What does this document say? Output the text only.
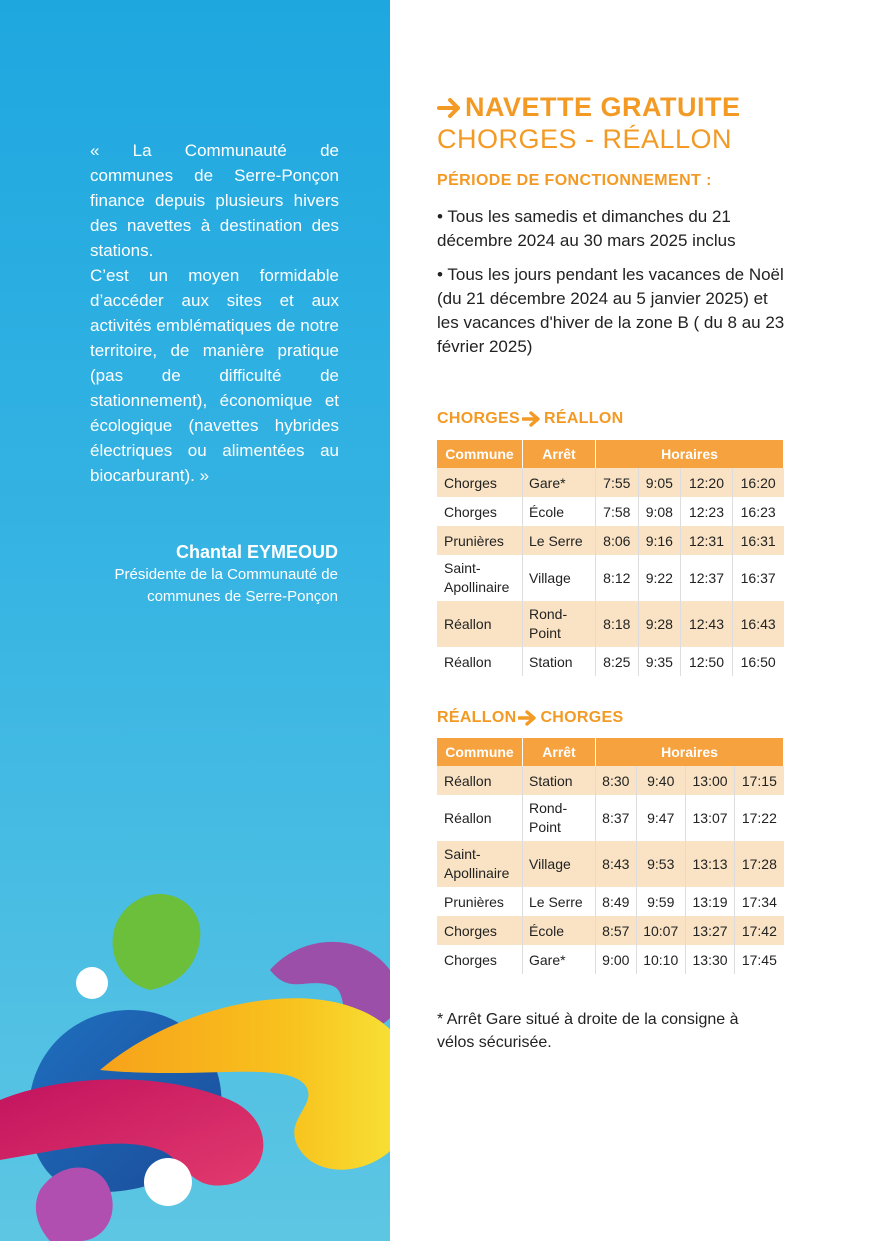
« La Communauté de communes de Serre-Ponçon finance depuis plusieurs hivers des navettes à destination des stations.

C’est un moyen formidable d’accéder aux sites et aux activités emblématiques de notre territoire, de manière pratique (pas de difficulté de stationnement), économique et écologique (navettes hybrides électriques ou alimentées au biocarburant). »

Chantal EYMEOUD
Présidente de la Communauté de communes de Serre-Ponçon
NAVETTE GRATUITE
CHORGES - RÉALLON
PÉRIODE DE FONCTIONNEMENT :

• Tous les samedis et dimanches du 21 décembre 2024 au 30 mars 2025 inclus

• Tous les jours pendant les vacances de Noël (du 21 décembre 2024 au 5 janvier 2025) et les vacances d'hiver de la zone B ( du 8 au 23 février 2025)

CHORGES RÉALLON
Commune	Arrêt	Horaires			
Chorges	Gare*	7:55	9:05	12:20	16:20
Chorges	École	7:58	9:08	12:23	16:23
Prunières	Le Serre	8:06	9:16	12:31	16:31
Saint-Apollinaire	Village	8:12	9:22	12:37	16:37
Réallon	Rond-Point	8:18	9:28	12:43	16:43
Réallon	Station	8:25	9:35	12:50	16:50
RÉALLON CHORGES
Commune	Arrêt	Horaires			
Réallon	Station	8:30	9:40	13:00	17:15
Réallon	Rond-Point	8:37	9:47	13:07	17:22
Saint-Apollinaire	Village	8:43	9:53	13:13	17:28
Prunières	Le Serre	8:49	9:59	13:19	17:34
Chorges	École	8:57	10:07	13:27	17:42
Chorges	Gare*	9:00	10:10	13:30	17:45
* Arrêt Gare situé à droite de la consigne à vélos sécurisée.
